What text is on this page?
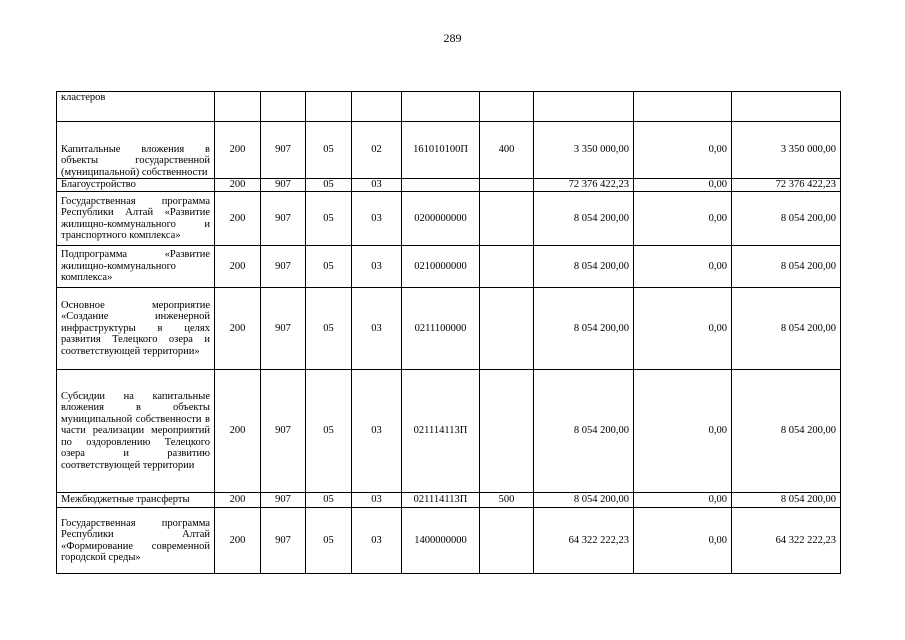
289
кластеров									
Капитальные вложения в объекты государственной (муниципальной) собственности	200	907	05	02	161010100П	400	3 350 000,00	0,00	3 350 000,00
Благоустройство	200	907	05	03			72 376 422,23	0,00	72 376 422,23
Государственная программа Республики Алтай «Развитие жилищно-коммунального и транспортного комплекса»	200	907	05	03	0200000000		8 054 200,00	0,00	8 054 200,00
Подпрограмма «Развитие жилищно-коммунального комплекса»	200	907	05	03	0210000000		8 054 200,00	0,00	8 054 200,00
Основное мероприятие «Создание инженерной инфраструктуры в целях развития Телецкого озера и соответствующей территории»	200	907	05	03	0211100000		8 054 200,00	0,00	8 054 200,00
Субсидии на капитальные вложения в объекты муниципальной собственности в части реализации мероприятий по оздоровлению Телецкого озера и развитию соответствующей территории	200	907	05	03	021114113П		8 054 200,00	0,00	8 054 200,00
Межбюджетные трансферты	200	907	05	03	021114113П	500	8 054 200,00	0,00	8 054 200,00
Государственная программа Республики Алтай «Формирование современной городской среды»	200	907	05	03	1400000000		64 322 222,23	0,00	64 322 222,23
